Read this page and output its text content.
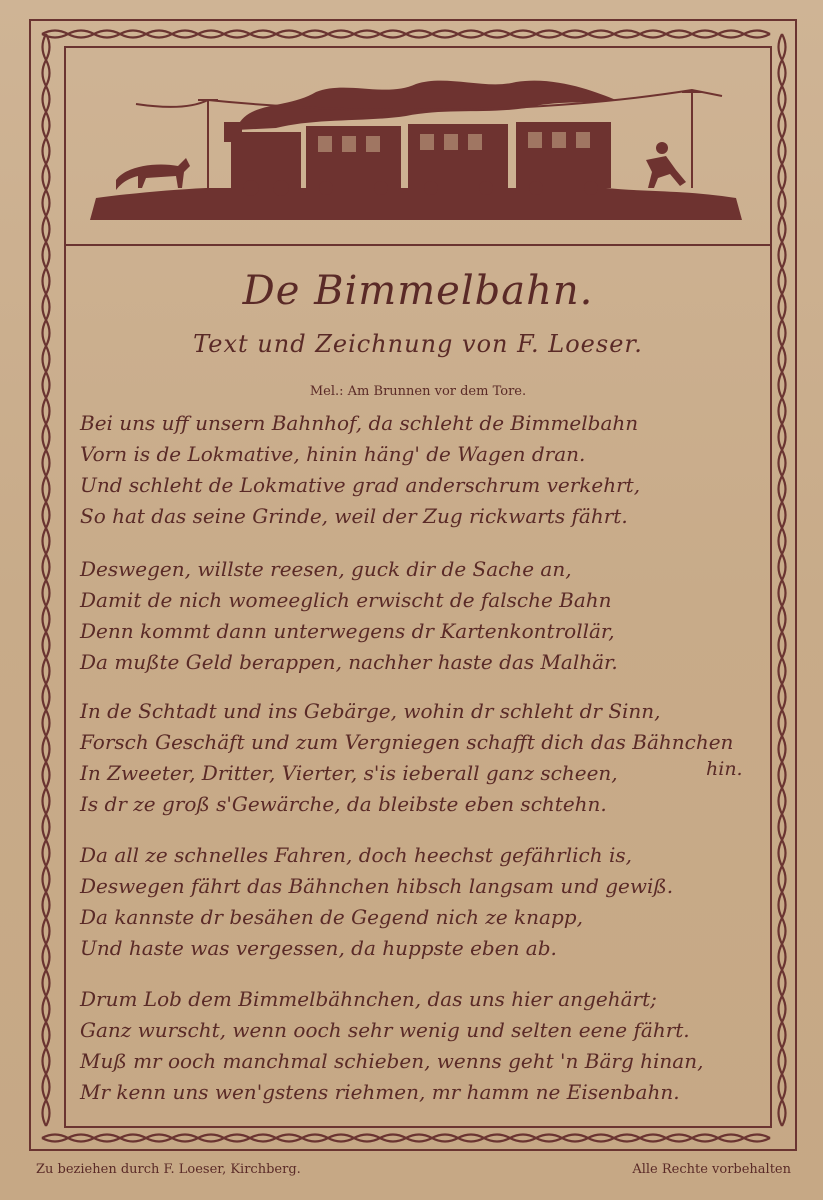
De Bimmelbahn.
Text und Zeichnung von F. Loeser.
Mel.: Am Brunnen vor dem Tore.
Bei uns uff unsern Bahnhof, da schleht de Bimmelbahn
Vorn is de Lokmative, hinin häng' de Wagen dran.
Und schleht de Lokmative grad anderschrum verkehrt,
So hat das seine Grinde, weil der Zug rickwarts fährt.
Deswegen, willste reesen, guck dir de Sache an,
Damit de nich womeeglich erwischt de falsche Bahn
Denn kommt dann unterwegens dr Kartenkontrollär,
Da mußte Geld berappen, nachher haste das Malhär.
In de Schtadt und ins Gebärge, wohin dr schleht dr Sinn,
Forsch Geschäft und zum Vergniegen schafft dich das Bähnchen
In Zweeter, Dritter, Vierter, s'is ieberall ganz scheen,
Is dr ze groß s'Gewärche, da bleibste eben schtehn.
hin.
Da all ze schnelles Fahren, doch heechst gefährlich is,
Deswegen fährt das Bähnchen hibsch langsam und gewiß.
Da kannste dr besähen de Gegend nich ze knapp,
Und haste was vergessen, da huppste eben ab.
Drum Lob dem Bimmelbähnchen, das uns hier angehärt;
Ganz wurscht, wenn ooch sehr wenig und selten eene fährt.
Muß mr ooch manchmal schieben, wenns geht 'n Bärg hinan,
Mr kenn uns wen'gstens riehmen, mr hamm ne Eisenbahn.
Zu beziehen durch F. Loeser, Kirchberg.	Alle Rechte vorbehalten
